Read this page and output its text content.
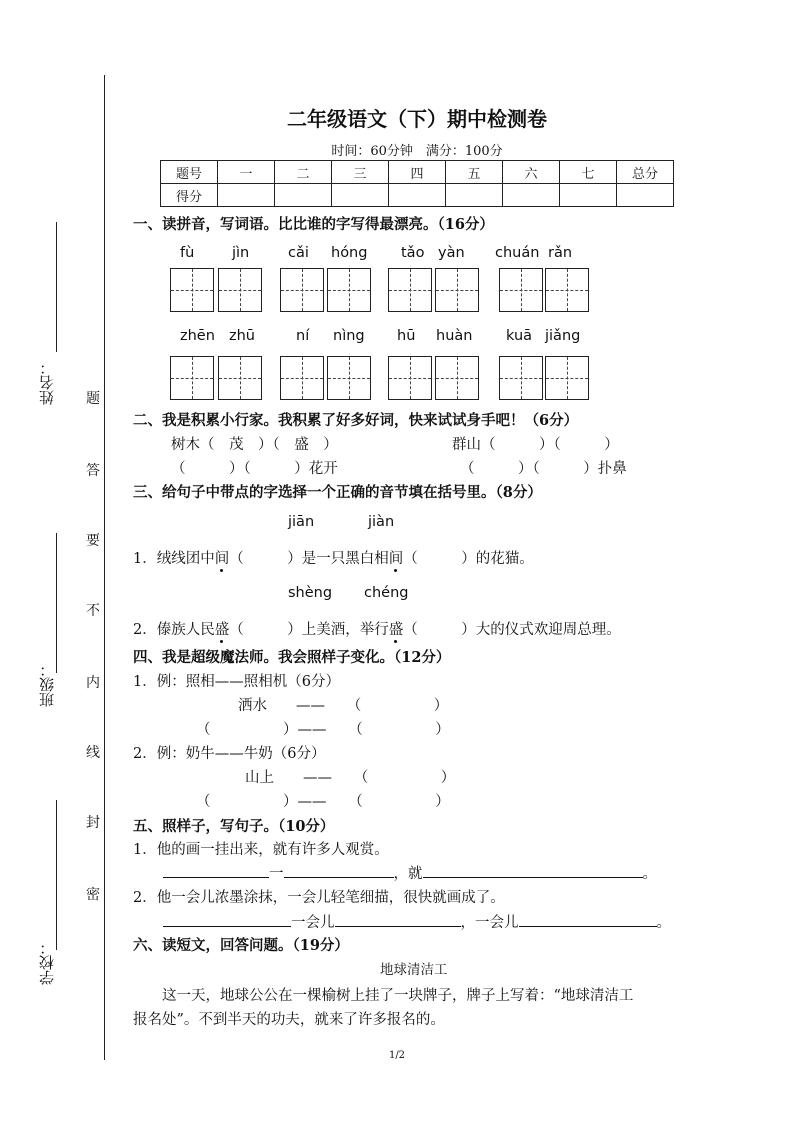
姓名：
班级：
学校：
题
答
要
不
内
线
封
密
二年级语文（下）期中检测卷
时间：60分钟　满分：100分
题号	一	二	三	四	五	六	七	总分
得分								
一、读拼音，写词语。比比谁的字写得最漂亮。（16分）
fù	jìn	cǎi hóng tǎo yàn chuán rǎn
zhēn zhū	ní nìng hū huàn kuā jiǎng
二、我是积累小行家。我积累了好多好词，快来试试身手吧！（6分）
树木（　茂　）（　盛　）	群山（　　　）（　　　）
（　　　）（　　　）花开	（　　　）（　　　）扑鼻
三、给句子中带点的字选择一个正确的音节填在括号里。（8分）
jiān	jiàn
1．绒线团中间（　　　）是一只黑白相间（　　　）的花猫。
shèng chéng
2．傣族人民盛（　　　）上美酒，举行盛（　　　）大的仪式欢迎周总理。
四、我是超级魔法师。我会照样子变化。（12分）
1．例：照相——照相机（6分）
洒水　　——　　（　　　　　）
（　　　　　）——　　（　　　　　）
2．例：奶牛——牛奶（6分）
山上　　——　　（　　　　　）
（　　　　　）——　　（　　　　　）
五、照样子，写句子。（10分）
1．他的画一挂出来，就有许多人观赏。
一	，就	。
2．他一会儿浓墨涂抹，一会儿轻笔细描，很快就画成了。
一会儿	，一会儿	。
六、读短文，回答问题。（19分）
地球清洁工
　　这一天，地球公公在一棵榆树上挂了一块牌子，牌子上写着：“地球清洁工
报名处”。不到半天的功夫，就来了许多报名的。
1/2
